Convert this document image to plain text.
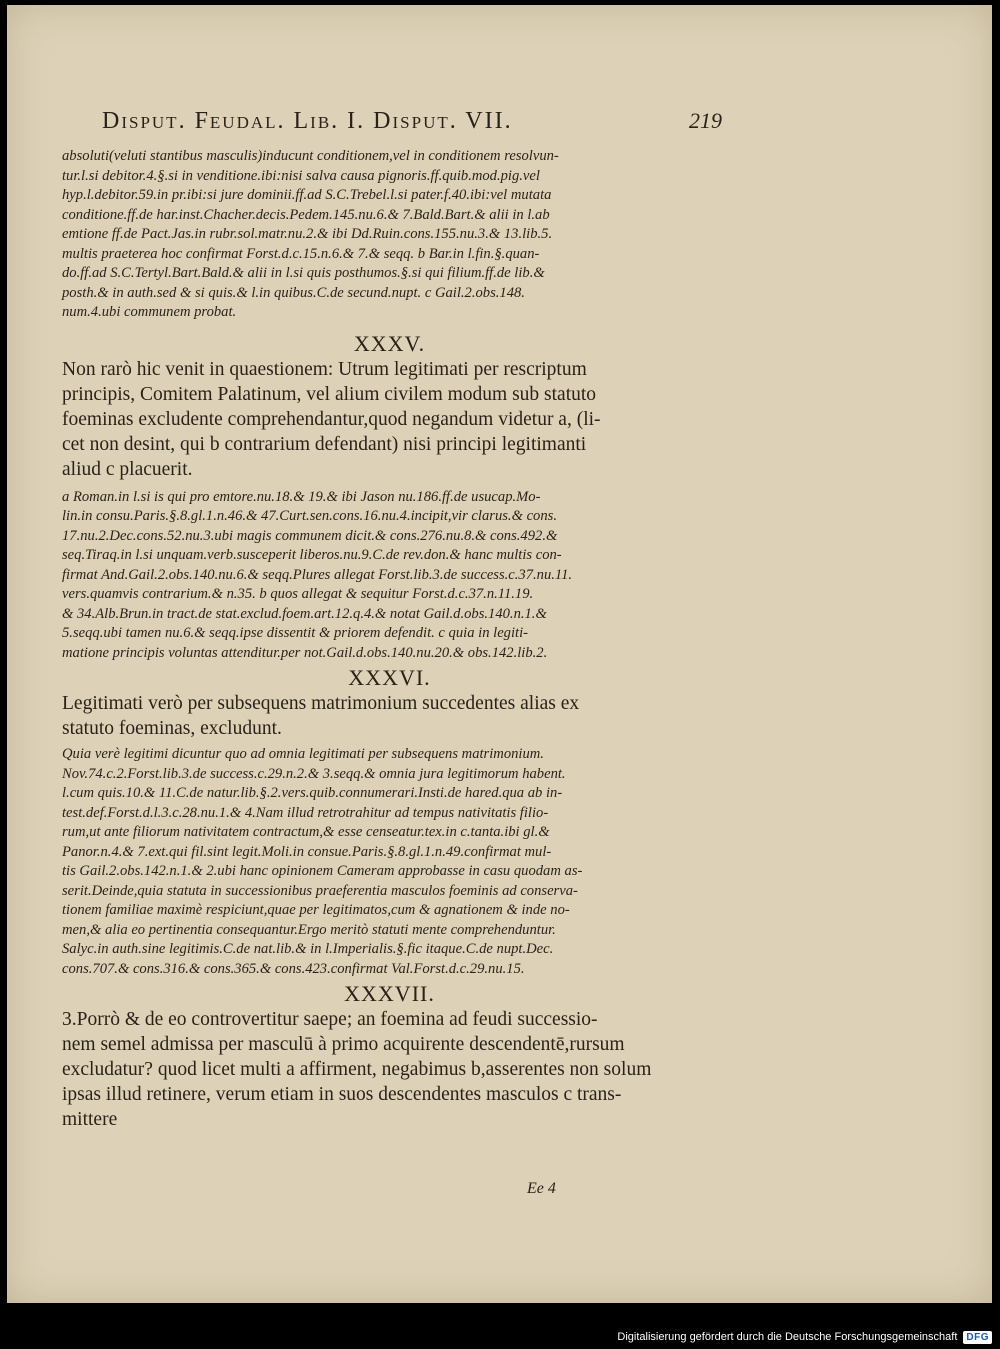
Disput. Feudal. Lib. I. Disput. VII.	219

absoluti(veluti stantibus masculis)inducunt conditionem,vel in conditionem resolvun-

tur.l.si debitor.4.§.si in venditione.ibi:nisi salva causa pignoris.ff.quib.mod.pig.vel

hyp.l.debitor.59.in pr.ibi:si jure dominii.ff.ad S.C.Trebel.l.si pater.f.40.ibi:vel mutata

conditione.ff.de har.inst.Chacher.decis.Pedem.145.nu.6.& 7.Bald.Bart.& alii in l.ab

emtione ff.de Pact.Jas.in rubr.sol.matr.nu.2.& ibi Dd.Ruin.cons.155.nu.3.& 13.lib.5.

multis praeterea hoc confirmat Forst.d.c.15.n.6.& 7.& seqq. b Bar.in l.fin.§.quan-

do.ff.ad S.C.Tertyl.Bart.Bald.& alii in l.si quis posthumos.§.si qui filium.ff.de lib.&

posth.& in auth.sed & si quis.& l.in quibus.C.de secund.nupt. c Gail.2.obs.148.

num.4.ubi communem probat.

XXXV.

Non rarò hic venit in quaestionem: Utrum legitimati per rescriptum

principis, Comitem Palatinum, vel alium civilem modum sub statuto

foeminas excludente comprehendantur,quod negandum videtur a, (li-

cet non desint, qui b contrarium defendant) nisi principi legitimanti

aliud c placuerit.

a Roman.in l.si is qui pro emtore.nu.18.& 19.& ibi Jason nu.186.ff.de usucap.Mo-

lin.in consu.Paris.§.8.gl.1.n.46.& 47.Curt.sen.cons.16.nu.4.incipit,vir clarus.& cons.

17.nu.2.Dec.cons.52.nu.3.ubi magis communem dicit.& cons.276.nu.8.& cons.492.&

seq.Tiraq.in l.si unquam.verb.susceperit liberos.nu.9.C.de rev.don.& hanc multis con-

firmat And.Gail.2.obs.140.nu.6.& seqq.Plures allegat Forst.lib.3.de success.c.37.nu.11.

vers.quamvis contrarium.& n.35. b quos allegat & sequitur Forst.d.c.37.n.11.19.

& 34.Alb.Brun.in tract.de stat.exclud.foem.art.12.q.4.& notat Gail.d.obs.140.n.1.&

5.seqq.ubi tamen nu.6.& seqq.ipse dissentit & priorem defendit. c quia in legiti-

matione principis voluntas attenditur.per not.Gail.d.obs.140.nu.20.& obs.142.lib.2.

XXXVI.

Legitimati verò per subsequens matrimonium succedentes alias ex

statuto foeminas, excludunt.

Quia verè legitimi dicuntur quo ad omnia legitimati per subsequens matrimonium.

Nov.74.c.2.Forst.lib.3.de success.c.29.n.2.& 3.seqq.& omnia jura legitimorum habent.

l.cum quis.10.& 11.C.de natur.lib.§.2.vers.quib.connumerari.Insti.de hared.qua ab in-

test.def.Forst.d.l.3.c.28.nu.1.& 4.Nam illud retrotrahitur ad tempus nativitatis filio-

rum,ut ante filiorum nativitatem contractum,& esse censeatur.tex.in c.tanta.ibi gl.&

Panor.n.4.& 7.ext.qui fil.sint legit.Moli.in consue.Paris.§.8.gl.1.n.49.confirmat mul-

tis Gail.2.obs.142.n.1.& 2.ubi hanc opinionem Cameram approbasse in casu quodam as-

serit.Deinde,quia statuta in successionibus praeferentia masculos foeminis ad conserva-

tionem familiae maximè respiciunt,quae per legitimatos,cum & agnationem & inde no-

men,& alia eo pertinentia consequantur.Ergo meritò statuti mente comprehenduntur.

Salyc.in auth.sine legitimis.C.de nat.lib.& in l.Imperialis.§.fic itaque.C.de nupt.Dec.

cons.707.& cons.316.& cons.365.& cons.423.confirmat Val.Forst.d.c.29.nu.15.

XXXVII.

3.Porrò & de eo controvertitur saepe; an foemina ad feudi successio-

nem semel admissa per masculū à primo acquirente descendentē,rursum

excludatur? quod licet multi a affirment, negabimus b,asserentes non solum

ipsas illud retinere, verum etiam in suos descendentes masculos c trans-

mittere

Ee 4
Digitalisierung gefördert durch die Deutsche Forschungsgemeinschaft DFG
